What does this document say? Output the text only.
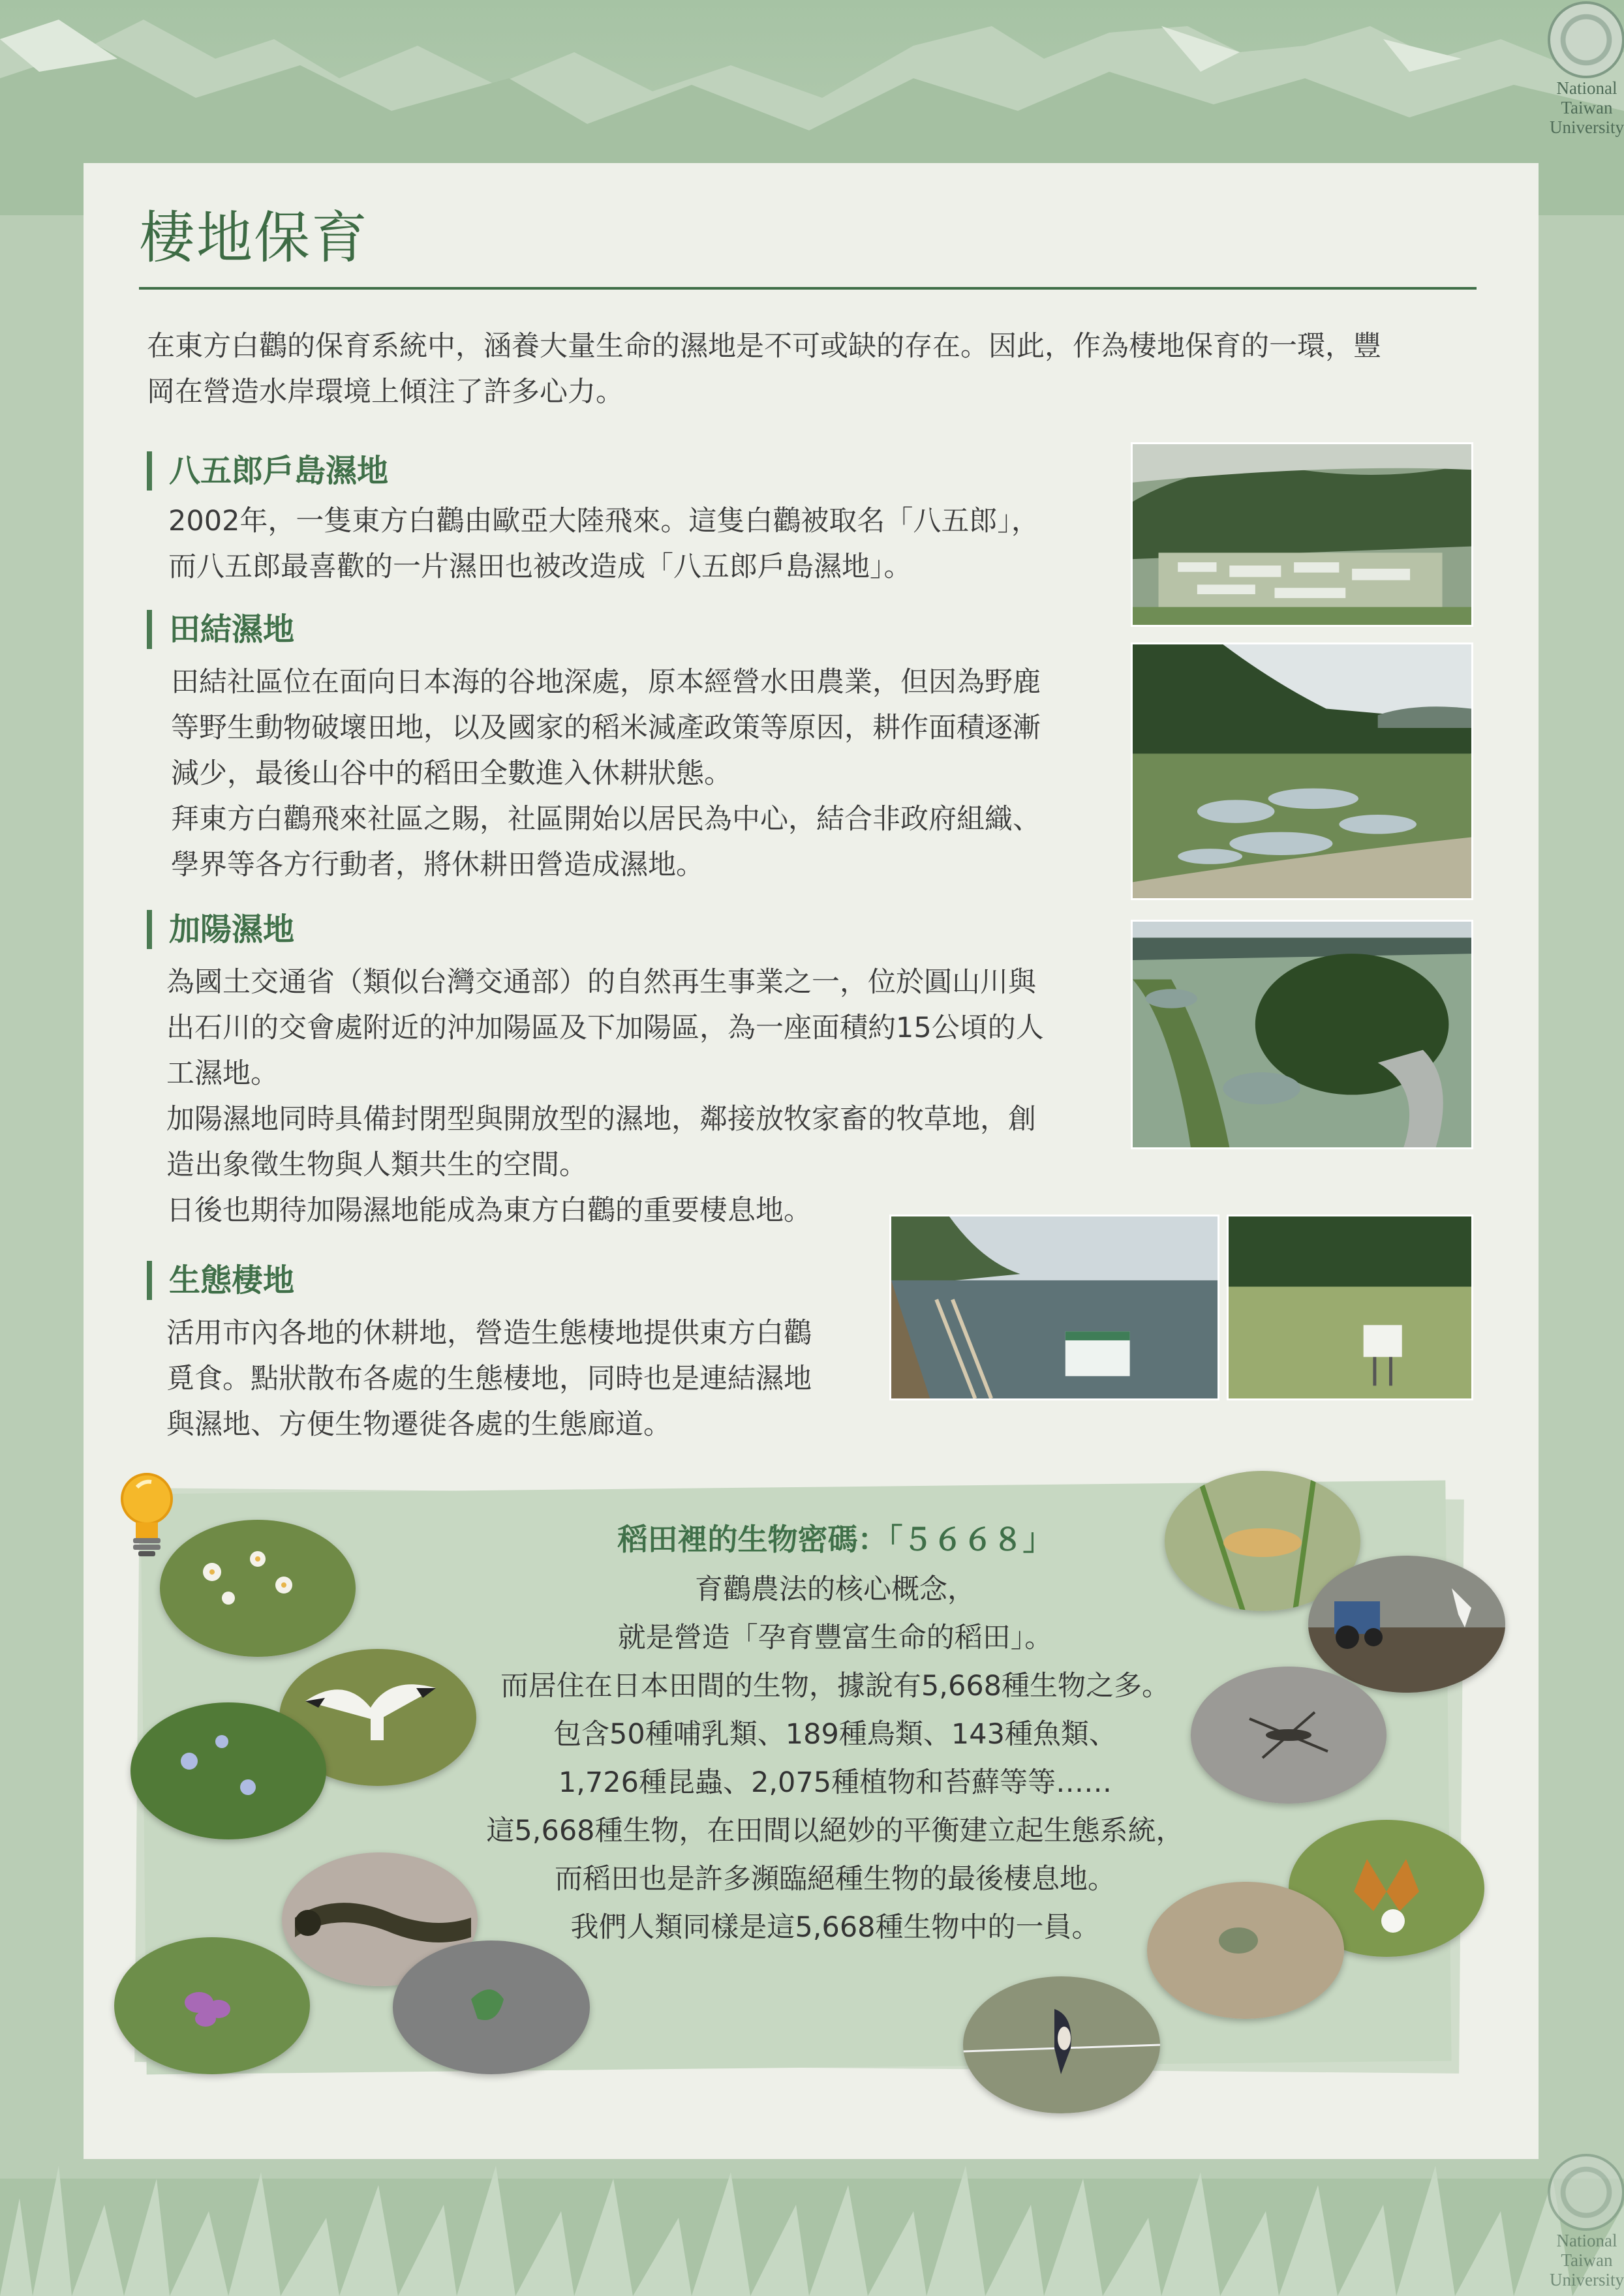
National
Taiwan
University
National
Taiwan
University
棲地保育
在東方白鸛的保育系統中，涵養大量生命的濕地是不可或缺的存在。因此，作為棲地保育的一環，豐
岡在營造水岸環境上傾注了許多心力。
八五郎戶島濕地
2002年，一隻東方白鸛由歐亞大陸飛來。這隻白鸛被取名「八五郎」，
而八五郎最喜歡的一片濕田也被改造成「八五郎戶島濕地」。
田結濕地
田結社區位在面向日本海的谷地深處，原本經營水田農業，但因為野鹿
等野生動物破壞田地，以及國家的稻米減產政策等原因，耕作面積逐漸
減少，最後山谷中的稻田全數進入休耕狀態。
拜東方白鸛飛來社區之賜，社區開始以居民為中心，結合非政府組織、
學界等各方行動者，將休耕田營造成濕地。
加陽濕地
為國土交通省（類似台灣交通部）的自然再生事業之一，位於圓山川與
出石川的交會處附近的沖加陽區及下加陽區，為一座面積約15公頃的人
工濕地。
加陽濕地同時具備封閉型與開放型的濕地，鄰接放牧家畜的牧草地，創
造出象徵生物與人類共生的空間。
日後也期待加陽濕地能成為東方白鸛的重要棲息地。
生態棲地
活用市內各地的休耕地，營造生態棲地提供東方白鸛
覓食。點狀散布各處的生態棲地，同時也是連結濕地
與濕地、方便生物遷徙各處的生態廊道。
稻田裡的生物密碼：「５６６８」
育鸛農法的核心概念，
就是營造「孕育豐富生命的稻田」。
而居住在日本田間的生物，據說有5,668種生物之多。
包含50種哺乳類、189種鳥類、143種魚類、
1,726種昆蟲、2,075種植物和苔蘚等等……
這5,668種生物，在田間以絕妙的平衡建立起生態系統，
而稻田也是許多瀕臨絕種生物的最後棲息地。
我們人類同樣是這5,668種生物中的一員。
